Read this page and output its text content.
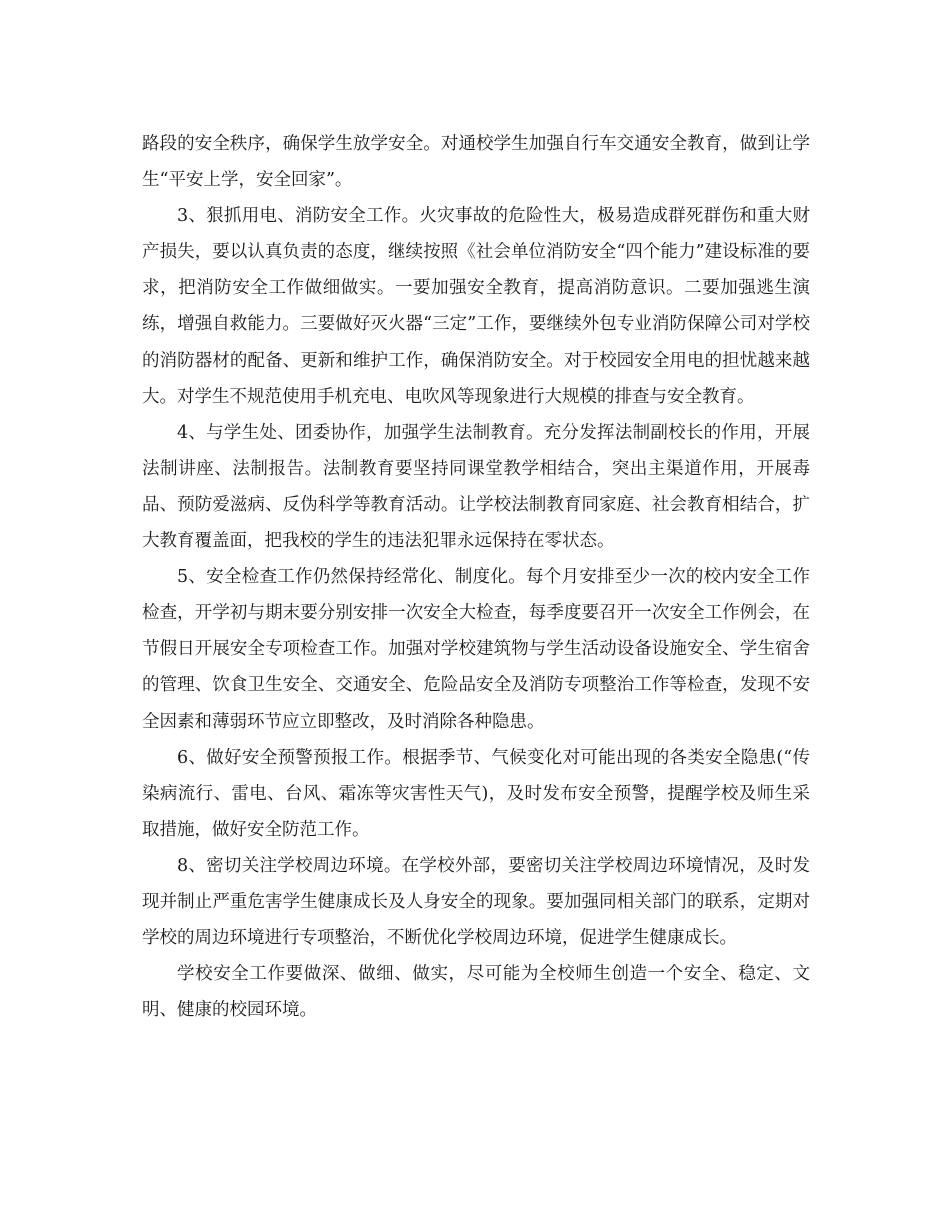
路段的安全秩序，确保学生放学安全。对通校学生加强自行车交通安全教育，做到让学生“平安上学，安全回家”。

3、狠抓用电、消防安全工作。火灾事故的危险性大，极易造成群死群伤和重大财产损失，要以认真负责的态度，继续按照《社会单位消防安全“四个能力”建设标准的要求，把消防安全工作做细做实。一要加强安全教育，提高消防意识。二要加强逃生演练，增强自救能力。三要做好灭火器“三定”工作，要继续外包专业消防保障公司对学校的消防器材的配备、更新和维护工作，确保消防安全。对于校园安全用电的担忧越来越大。对学生不规范使用手机充电、电吹风等现象进行大规模的排查与安全教育。

4、与学生处、团委协作，加强学生法制教育。充分发挥法制副校长的作用，开展法制讲座、法制报告。法制教育要坚持同课堂教学相结合，突出主渠道作用，开展毒品、预防爱滋病、反伪科学等教育活动。让学校法制教育同家庭、社会教育相结合，扩大教育覆盖面，把我校的学生的违法犯罪永远保持在零状态。

5、安全检查工作仍然保持经常化、制度化。每个月安排至少一次的校内安全工作检查，开学初与期末要分别安排一次安全大检查，每季度要召开一次安全工作例会，在节假日开展安全专项检查工作。加强对学校建筑物与学生活动设备设施安全、学生宿舍的管理、饮食卫生安全、交通安全、危险品安全及消防专项整治工作等检查，发现不安全因素和薄弱环节应立即整改，及时消除各种隐患。

6、做好安全预警预报工作。根据季节、气候变化对可能出现的各类安全隐患(“传染病流行、雷电、台风、霜冻等灾害性天气)，及时发布安全预警，提醒学校及师生采取措施，做好安全防范工作。

8、密切关注学校周边环境。在学校外部，要密切关注学校周边环境情况，及时发现并制止严重危害学生健康成长及人身安全的现象。要加强同相关部门的联系，定期对学校的周边环境进行专项整治，不断优化学校周边环境，促进学生健康成长。

学校安全工作要做深、做细、做实，尽可能为全校师生创造一个安全、稳定、文明、健康的校园环境。
